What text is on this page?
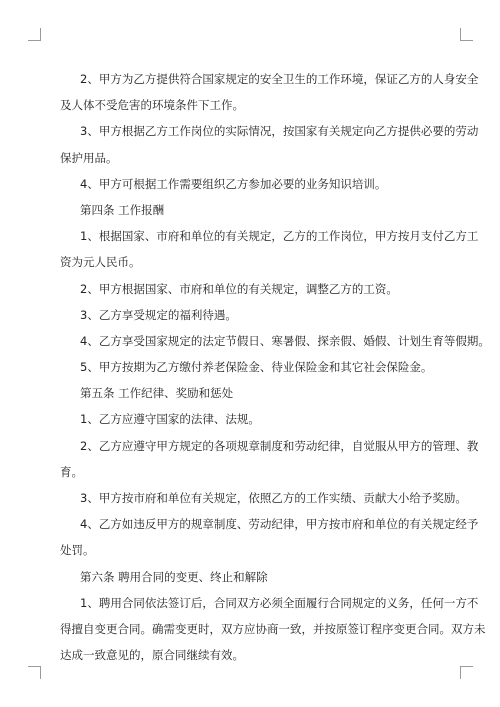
2、甲方为乙方提供符合国家规定的安全卫生的工作环境，保证乙方的人身安全
及人体不受危害的环境条件下工作。
3、甲方根据乙方工作岗位的实际情况，按国家有关规定向乙方提供必要的劳动
保护用品。
4、甲方可根据工作需要组织乙方参加必要的业务知识培训。
第四条 工作报酬
1、根据国家、市府和单位的有关规定，乙方的工作岗位，甲方按月支付乙方工
资为元人民币。
2、甲方根据国家、市府和单位的有关规定，调整乙方的工资。
3、乙方享受规定的福利待遇。
4、乙方享受国家规定的法定节假日、寒暑假、探亲假、婚假、计划生育等假期。
5、甲方按期为乙方缴付养老保险金、待业保险金和其它社会保险金。
第五条 工作纪律、奖励和惩处
1、乙方应遵守国家的法律、法规。
2、乙方应遵守甲方规定的各项规章制度和劳动纪律，自觉服从甲方的管理、教
育。
3、甲方按市府和单位有关规定，依照乙方的工作实绩、贡献大小给予奖励。
4、乙方如违反甲方的规章制度、劳动纪律，甲方按市府和单位的有关规定经予
处罚。
第六条 聘用合同的变更、终止和解除
1、聘用合同依法签订后，合同双方必须全面履行合同规定的义务，任何一方不
得擅自变更合同。确需变更时，双方应协商一致，并按原签订程序变更合同。双方未
达成一致意见的，原合同继续有效。
